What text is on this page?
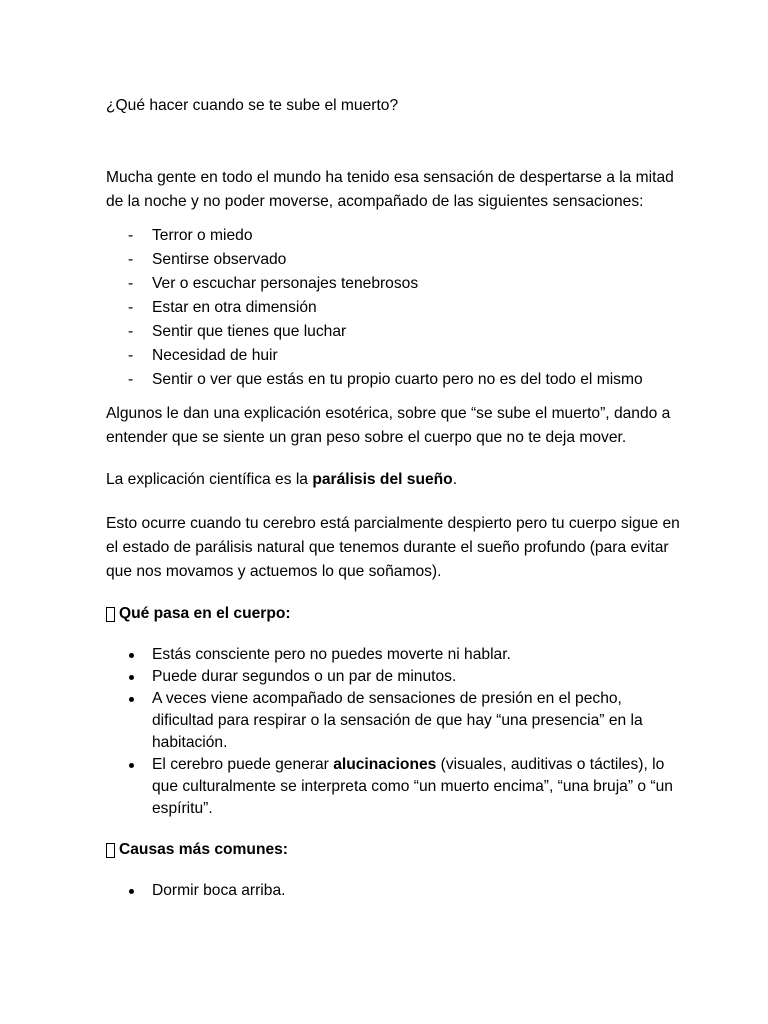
¿Qué hacer cuando se te sube el muerto?

Mucha gente en todo el mundo ha tenido esa sensación de despertarse a la mitad de la noche y no poder moverse, acompañado de las siguientes sensaciones:

- Terror o miedo
- Sentirse observado
- Ver o escuchar personajes tenebrosos
- Estar en otra dimensión
- Sentir que tienes que luchar
- Necesidad de huir
- Sentir o ver que estás en tu propio cuarto pero no es del todo el mismo

Algunos le dan una explicación esotérica, sobre que “se sube el muerto”, dando a entender que se siente un gran peso sobre el cuerpo que no te deja mover.

La explicación científica es la parálisis del sueño.

Esto ocurre cuando tu cerebro está parcialmente despierto pero tu cuerpo sigue en el estado de parálisis natural que tenemos durante el sueño profundo (para evitar que nos movamos y actuemos lo que soñamos).

Qué pasa en el cuerpo:

Estás consciente pero no puedes moverte ni hablar.
Puede durar segundos o un par de minutos.
A veces viene acompañado de sensaciones de presión en el pecho, dificultad para respirar o la sensación de que hay “una presencia” en la habitación.
El cerebro puede generar alucinaciones (visuales, auditivas o táctiles), lo que culturalmente se interpreta como “un muerto encima”, “una bruja” o “un espíritu”.

Causas más comunes:

Dormir boca arriba.
